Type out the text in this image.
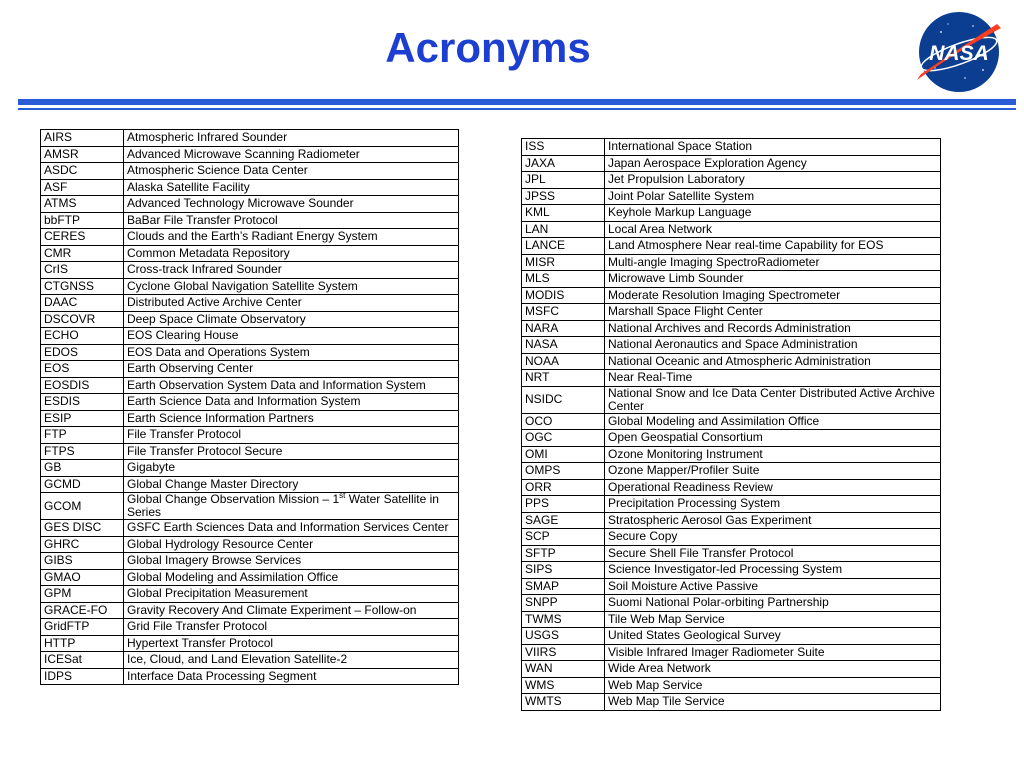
Acronyms	NASA
AIRS	Atmospheric Infrared Sounder
AMSR	Advanced Microwave Scanning Radiometer
ASDC	Atmospheric Science Data Center
ASF	Alaska Satellite Facility
ATMS	Advanced Technology Microwave Sounder
bbFTP	BaBar File Transfer Protocol
CERES	Clouds and the Earth’s Radiant Energy System
CMR	Common Metadata Repository
CrIS	Cross-track Infrared Sounder
CTGNSS	Cyclone Global Navigation Satellite System
DAAC	Distributed Active Archive Center
DSCOVR	Deep Space Climate Observatory
ECHO	EOS Clearing House
EDOS	EOS Data and Operations System
EOS	Earth Observing Center
EOSDIS	Earth Observation System Data and Information System
ESDIS	Earth Science Data and Information System
ESIP	Earth Science Information Partners
FTP	File Transfer Protocol
FTPS	File Transfer Protocol Secure
GB	Gigabyte
GCMD	Global Change Master Directory
GCOM	Global Change Observation Mission – 1st Water Satellite in Series
GES DISC	GSFC Earth Sciences Data and Information Services Center
GHRC	Global Hydrology Resource Center
GIBS	Global Imagery Browse Services
GMAO	Global Modeling and Assimilation Office
GPM	Global Precipitation Measurement
GRACE-FO	Gravity Recovery And Climate Experiment – Follow-on
GridFTP	Grid File Transfer Protocol
HTTP	Hypertext Transfer Protocol
ICESat	Ice, Cloud, and Land Elevation Satellite-2
IDPS	Interface Data Processing Segment
ISS	International Space Station
JAXA	Japan Aerospace Exploration Agency
JPL	Jet Propulsion Laboratory
JPSS	Joint Polar Satellite System
KML	Keyhole Markup Language
LAN	Local Area Network
LANCE	Land Atmosphere Near real-time Capability for EOS
MISR	Multi-angle Imaging SpectroRadiometer
MLS	Microwave Limb Sounder
MODIS	Moderate Resolution Imaging Spectrometer
MSFC	Marshall Space Flight Center
NARA	National Archives and Records Administration
NASA	National Aeronautics and Space Administration
NOAA	National Oceanic and Atmospheric Administration
NRT	Near Real-Time
NSIDC	National Snow and Ice Data Center Distributed Active Archive Center
OCO	Global Modeling and Assimilation Office
OGC	Open Geospatial Consortium
OMI	Ozone Monitoring Instrument
OMPS	Ozone Mapper/Profiler Suite
ORR	Operational Readiness Review
PPS	Precipitation Processing System
SAGE	Stratospheric Aerosol Gas Experiment
SCP	Secure Copy
SFTP	Secure Shell File Transfer Protocol
SIPS	Science Investigator-led Processing System
SMAP	Soil Moisture Active Passive
SNPP	Suomi National Polar-orbiting Partnership
TWMS	Tile Web Map Service
USGS	United States Geological Survey
VIIRS	Visible Infrared Imager Radiometer Suite
WAN	Wide Area Network
WMS	Web Map Service
WMTS	Web Map Tile Service
